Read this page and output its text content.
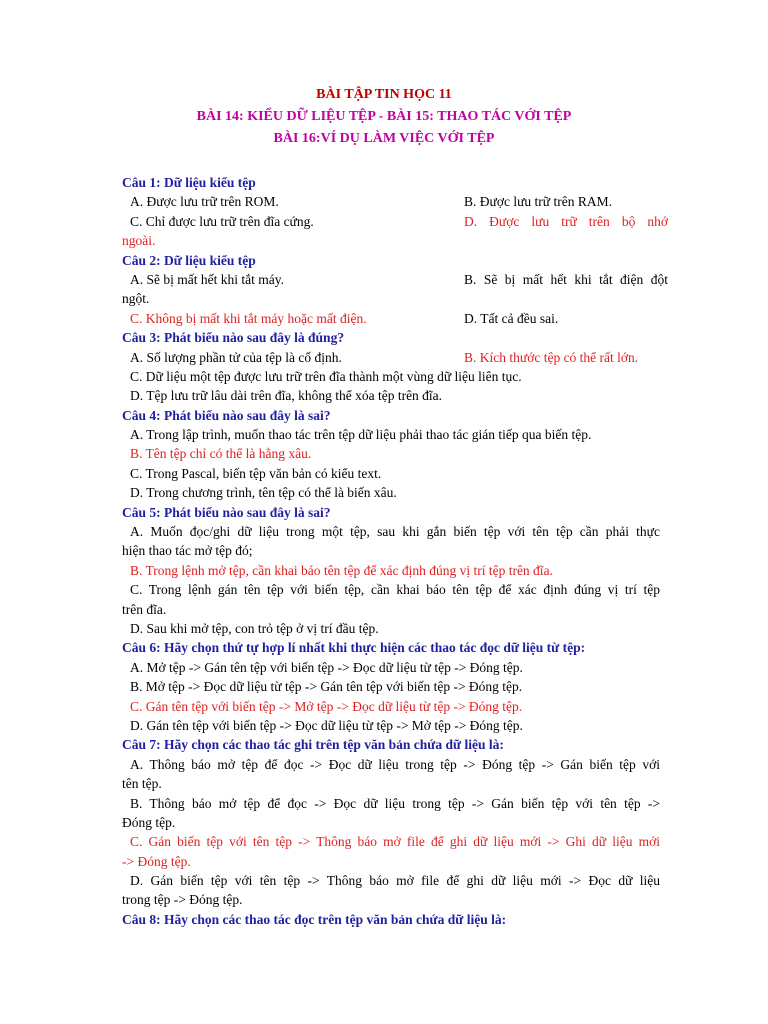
BÀI TẬP TIN HỌC 11
BÀI 14: KIỂU DỮ LIỆU TỆP - BÀI 15: THAO TÁC VỚI TỆP
BÀI 16:VÍ DỤ LÀM VIỆC VỚI TỆP
Câu 1: Dữ liệu kiểu tệp
A. Được lưu trữ trên ROM.	B. Được lưu trữ trên RAM.
C. Chỉ được lưu trữ trên đĩa cứng.	D. Được lưu trữ trên bộ nhớ
ngoài.
Câu 2: Dữ liệu kiểu tệp
A. Sẽ bị mất hết khi tắt máy.	B. Sẽ bị mất hết khi tắt điện đột
ngột.
C. Không bị mất khi tắt máy hoặc mất điện.	D. Tất cả đều sai.
Câu 3: Phát biểu nào sau đây là đúng?
A. Số lượng phần tử của tệp là cố định.	B. Kích thước tệp có thể rất lớn.
C. Dữ liệu một tệp được lưu trữ trên đĩa thành một vùng dữ liệu liên tục.
D. Tệp lưu trữ lâu dài trên đĩa, không thể xóa tệp trên đĩa.
Câu 4: Phát biểu nào sau đây là sai?
A. Trong lập trình, muốn thao tác trên tệp dữ liệu phải thao tác gián tiếp qua biến tệp.
B. Tên tệp chỉ có thể là hằng xâu.
C. Trong Pascal, biến tệp văn bản có kiểu text.
D. Trong chương trình, tên tệp có thể là biến xâu.
Câu 5: Phát biểu nào sau đây là sai?
A. Muốn đọc/ghi dữ liệu trong một tệp, sau khi gắn biến tệp với tên tệp cần phải thực
hiện thao tác mở tệp đó;
B. Trong lệnh mở tệp, cần khai báo tên tệp để xác định đúng vị trí tệp trên đĩa.
C. Trong lệnh gán tên tệp với biến tệp, cần khai báo tên tệp để xác định đúng vị trí tệp
trên đĩa.
D. Sau khi mở tệp, con trỏ tệp ở vị trí đầu tệp.
Câu 6: Hãy chọn thứ tự hợp lí nhất khi thực hiện các thao tác đọc dữ liệu từ tệp:
A. Mở tệp -> Gán tên tệp với biến tệp -> Đọc dữ liệu từ tệp -> Đóng tệp.
B. Mở tệp -> Đọc dữ liệu từ tệp -> Gán tên tệp với biến tệp -> Đóng tệp.
C. Gán tên tệp với biến tệp -> Mở tệp -> Đọc dữ liệu từ tệp -> Đóng tệp.
D. Gán tên tệp với biến tệp -> Đọc dữ liệu từ tệp -> Mở tệp -> Đóng tệp.
Câu 7: Hãy chọn các thao tác ghi trên tệp văn bản chứa dữ liệu là:
A. Thông báo mở tệp để đọc -> Đọc dữ liệu trong tệp -> Đóng tệp -> Gán biến tệp với
tên tệp.
B. Thông báo mở tệp để đọc -> Đọc dữ liệu trong tệp -> Gán biến tệp với tên tệp ->
Đóng tệp.
C. Gán biến tệp với tên tệp -> Thông báo mở file để ghi dữ liệu mới -> Ghi dữ liệu mới
-> Đóng tệp.
D. Gán biến tệp với tên tệp -> Thông báo mở file để ghi dữ liệu mới -> Đọc dữ liệu
trong tệp -> Đóng tệp.
Câu 8: Hãy chọn các thao tác đọc trên tệp văn bản chứa dữ liệu là:
